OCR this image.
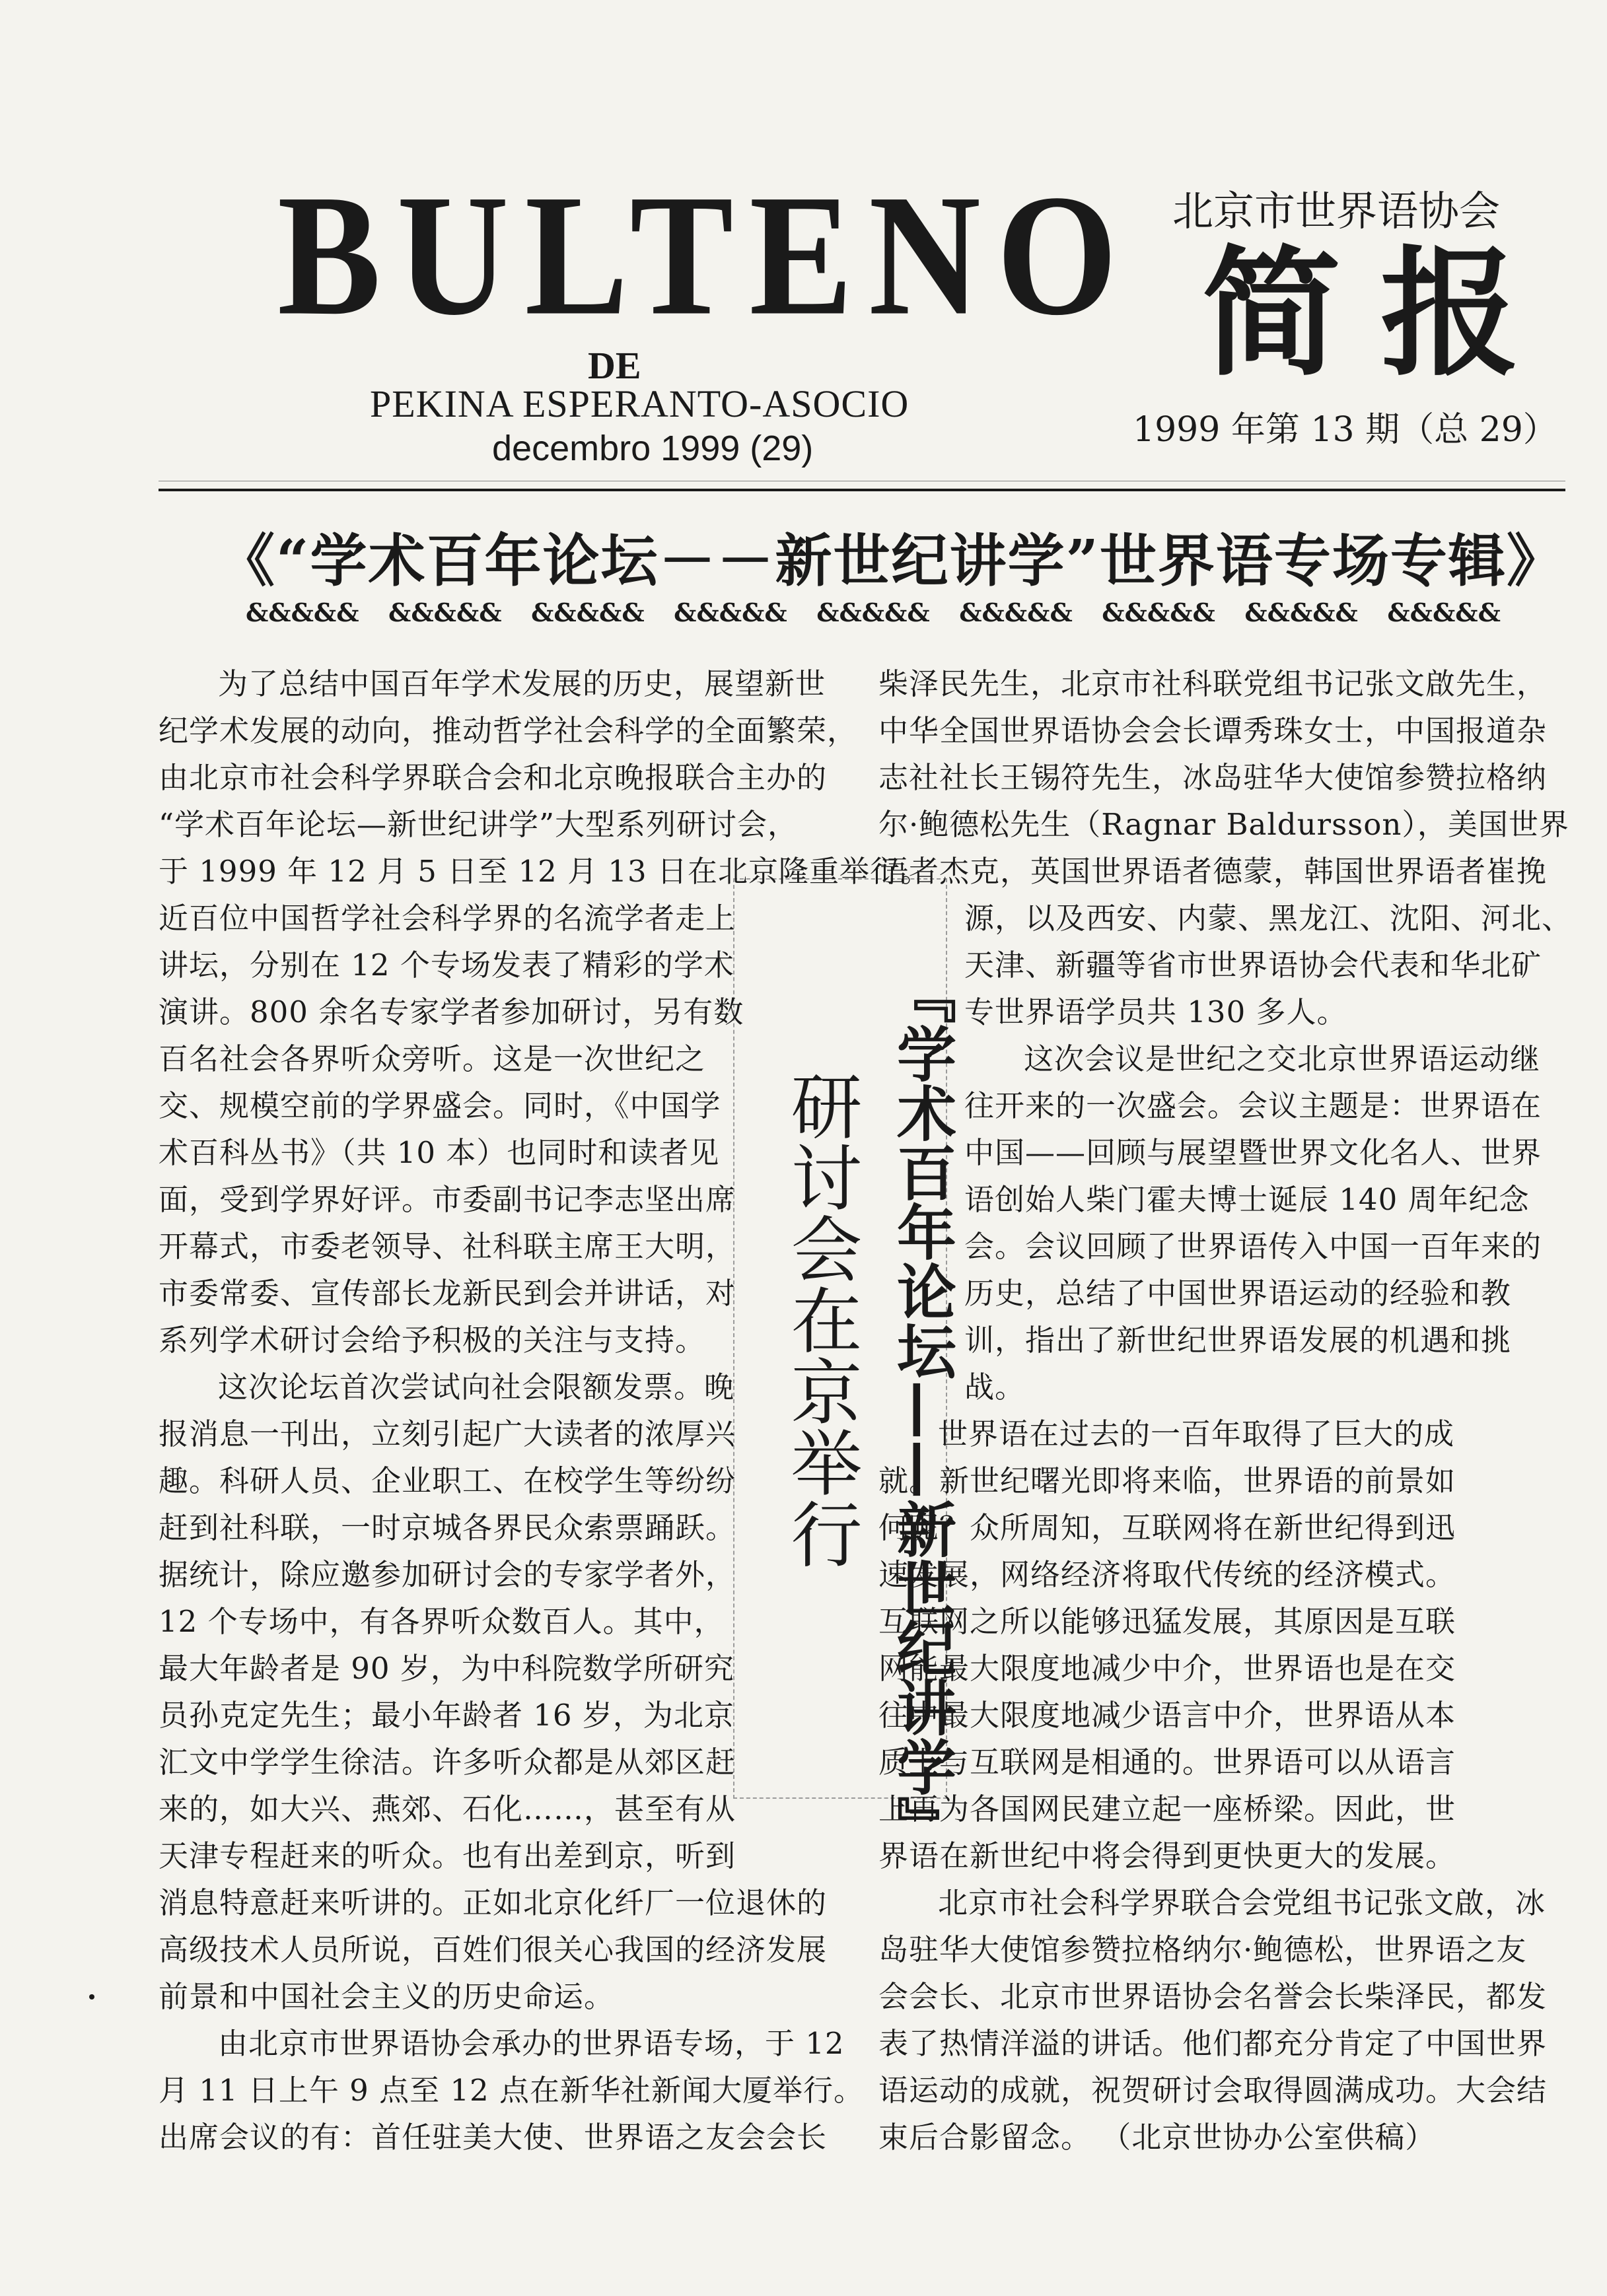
BULTENO
DE
PEKINA ESPERANTO-ASOCIO
decembro 1999 (29)
北京市世界语协会
简报
1999 年第 13 期（总 29）
《“学术百年论坛－－新世纪讲学”世界语专场专辑》
&&&&& &&&&& &&&&& &&&&& &&&&& &&&&& &&&&& &&&&& &&&&&
『学术百年论坛——新世纪讲学』
研讨会在京举行

为了总结中国百年学术发展的历史，展望新世

纪学术发展的动向，推动哲学社会科学的全面繁荣，

由北京市社会科学界联合会和北京晚报联合主办的

“学术百年论坛—新世纪讲学”大型系列研讨会，

于 1999 年 12 月 5 日至 12 月 13 日在北京隆重举行。

近百位中国哲学社会科学界的名流学者走上

讲坛，分别在 12 个专场发表了精彩的学术

演讲。800 余名专家学者参加研讨，另有数

百名社会各界听众旁听。这是一次世纪之

交、规模空前的学界盛会。同时，《中国学

术百科丛书》（共 10 本）也同时和读者见

面，受到学界好评。市委副书记李志坚出席

开幕式，市委老领导、社科联主席王大明，

市委常委、宣传部长龙新民到会并讲话，对

系列学术研讨会给予积极的关注与支持。

这次论坛首次尝试向社会限额发票。晚

报消息一刊出，立刻引起广大读者的浓厚兴

趣。科研人员、企业职工、在校学生等纷纷

赶到社科联，一时京城各界民众索票踊跃。

据统计，除应邀参加研讨会的专家学者外，

12 个专场中，有各界听众数百人。其中，

最大年龄者是 90 岁，为中科院数学所研究

员孙克定先生；最小年龄者 16 岁，为北京

汇文中学学生徐洁。许多听众都是从郊区赶

来的，如大兴、燕郊、石化……，甚至有从

天津专程赶来的听众。也有出差到京，听到

消息特意赶来听讲的。正如北京化纤厂一位退休的

高级技术人员所说，百姓们很关心我国的经济发展

前景和中国社会主义的历史命运。

由北京市世界语协会承办的世界语专场，于 12

月 11 日上午 9 点至 12 点在新华社新闻大厦举行。

出席会议的有：首任驻美大使、世界语之友会会长

柴泽民先生，北京市社科联党组书记张文啟先生，

中华全国世界语协会会长谭秀珠女士，中国报道杂

志社社长王锡符先生，冰岛驻华大使馆参赞拉格纳

尔·鲍德松先生（Ragnar Baldursson），美国世界

语者杰克，英国世界语者德蒙，韩国世界语者崔挽

源，以及西安、内蒙、黑龙江、沈阳、河北、

天津、新疆等省市世界语协会代表和华北矿

专世界语学员共 130 多人。

这次会议是世纪之交北京世界语运动继

往开来的一次盛会。会议主题是：世界语在

中国——回顾与展望暨世界文化名人、世界

语创始人柴门霍夫博士诞辰 140 周年纪念

会。会议回顾了世界语传入中国一百年来的

历史，总结了中国世界语运动的经验和教

训，指出了新世纪世界语发展的机遇和挑

战。

世界语在过去的一百年取得了巨大的成

就。新世纪曙光即将来临，世界语的前景如

何呢？众所周知，互联网将在新世纪得到迅

速发展，网络经济将取代传统的经济模式。

互联网之所以能够迅猛发展，其原因是互联

网能最大限度地减少中介，世界语也是在交

往中最大限度地减少语言中介，世界语从本

质上与互联网是相通的。世界语可以从语言

上再为各国网民建立起一座桥梁。因此，世

界语在新世纪中将会得到更快更大的发展。

北京市社会科学界联合会党组书记张文啟，冰

岛驻华大使馆参赞拉格纳尔·鲍德松，世界语之友

会会长、北京市世界语协会名誉会长柴泽民，都发

表了热情洋溢的讲话。他们都充分肯定了中国世界

语运动的成就，祝贺研讨会取得圆满成功。大会结

束后合影留念。 （北京世协办公室供稿）
